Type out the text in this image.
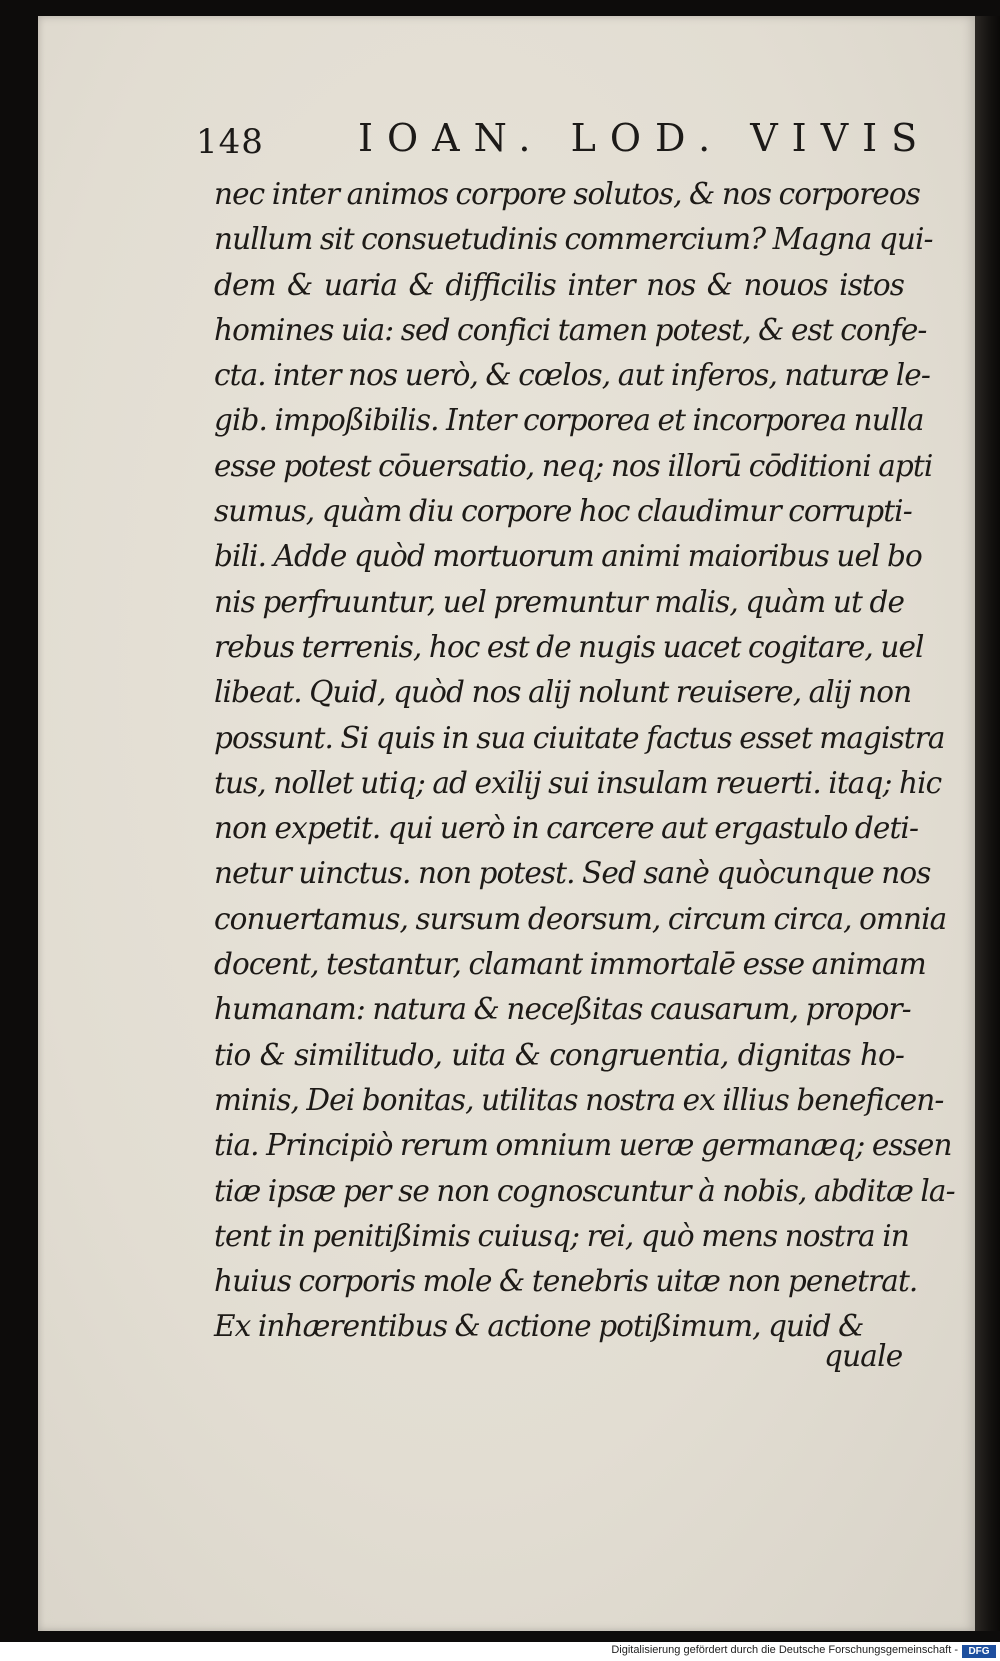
148 IOAN. LOD. VIVIS
nec inter animos corpore solutos, & nos corporeos
nullum sit consuetudinis commercium? Magna qui-
dem & uaria & difficilis inter nos & nouos istos
homines uia: sed confici tamen potest, & est confe-
cta. inter nos uerò, & cœlos, aut inferos, naturæ le-
gib. impoßibilis. Inter corporea et incorporea nulla
esse potest cōuersatio, neq; nos illorū cōditioni apti
sumus, quàm diu corpore hoc claudimur corrupti-
bili. Adde quòd mortuorum animi maioribus uel bo
nis perfruuntur, uel premuntur malis, quàm ut de
rebus terrenis, hoc est de nugis uacet cogitare, uel
libeat. Quid, quòd nos alij nolunt reuisere, alij non
possunt. Si quis in sua ciuitate factus esset magistra
tus, nollet utiq; ad exilij sui insulam reuerti. itaq; hic
non expetit. qui uerò in carcere aut ergastulo deti-
netur uinctus. non potest. Sed sanè quòcunque nos
conuertamus, sursum deorsum, circum circa, omnia
docent, testantur, clamant immortalē esse animam
humanam: natura & neceßitas causarum, propor-
tio & similitudo, uita & congruentia, dignitas ho-
minis, Dei bonitas, utilitas nostra ex illius beneficen-
tia. Principiò rerum omnium ueræ germanæq; essen
tiæ ipsæ per se non cognoscuntur à nobis, abditæ la-
tent in penitißimis cuiusq; rei, quò mens nostra in
huius corporis mole & tenebris uitæ non penetrat.
Ex inhærentibus & actione potißimum, quid &
quale
Digitalisierung gefördert durch die Deutsche Forschungsgemeinschaft -	DFG
